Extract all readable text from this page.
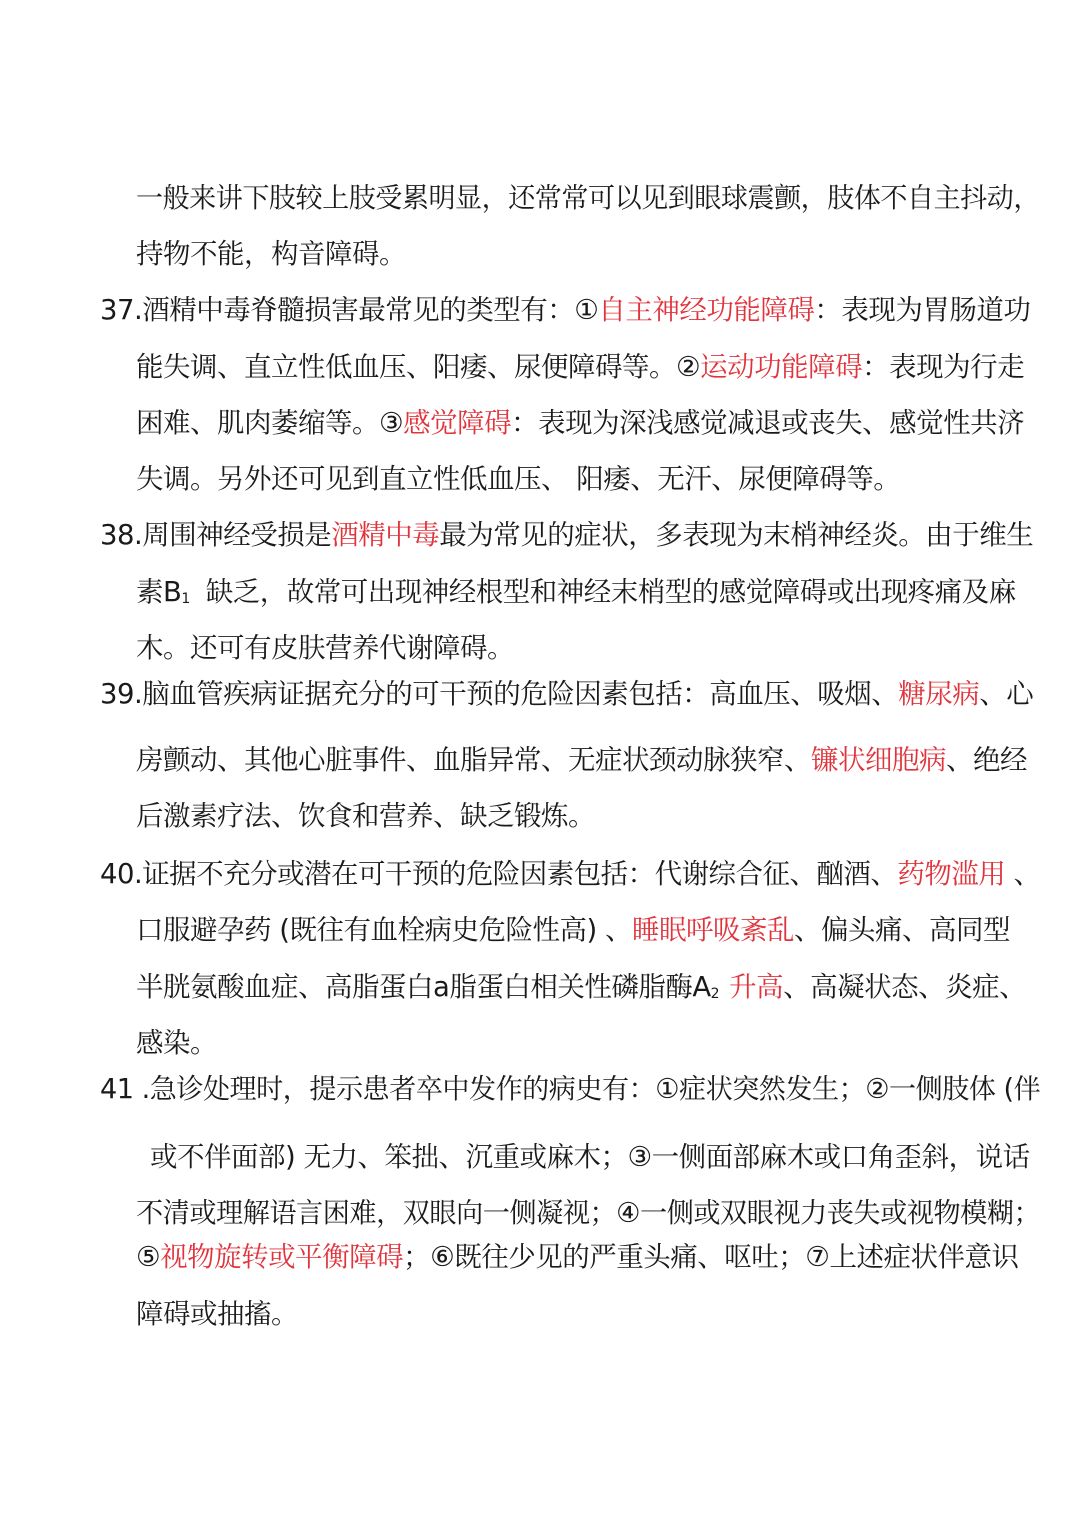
一般来讲下肢较上肢受累明显，还常常可以见到眼球震颤，肢体不自主抖动，
持物不能，构音障碍。
37.酒精中毒脊髓损害最常见的类型有：①自主神经功能障碍：表现为胃肠道功
能失调、直立性低血压、阳痿、尿便障碍等。②运动功能障碍：表现为行走
困难、肌肉萎缩等。③感觉障碍：表现为深浅感觉减退或丧失、感觉性共济
失调。另外还可见到直立性低血压、 阳痿、无汗、尿便障碍等。
38.周围神经受损是酒精中毒最为常见的症状，多表现为末梢神经炎。由于维生
素B1 缺乏，故常可出现神经根型和神经末梢型的感觉障碍或出现疼痛及麻
木。还可有皮肤营养代谢障碍。
39.脑血管疾病证据充分的可干预的危险因素包括：高血压、吸烟、糖尿病、心
房颤动、其他心脏事件、血脂异常、无症状颈动脉狭窄、镰状细胞病、绝经
后激素疗法、饮食和营养、缺乏锻炼。
40.证据不充分或潜在可干预的危险因素包括：代谢综合征、酗酒、药物滥用 、
口服避孕药 (既往有血栓病史危险性高) 、睡眠呼吸紊乱、偏头痛、高同型
半胱氨酸血症、高脂蛋白a脂蛋白相关性磷脂酶A2 升高、高凝状态、炎症、
感染。
41 .急诊处理时，提示患者卒中发作的病史有：①症状突然发生；②一侧肢体 (伴
或不伴面部) 无力、笨拙、沉重或麻木；③一侧面部麻木或口角歪斜，说话
不清或理解语言困难，双眼向一侧凝视；④一侧或双眼视力丧失或视物模糊；
⑤视物旋转或平衡障碍；⑥既往少见的严重头痛、呕吐；⑦上述症状伴意识
障碍或抽搐。
